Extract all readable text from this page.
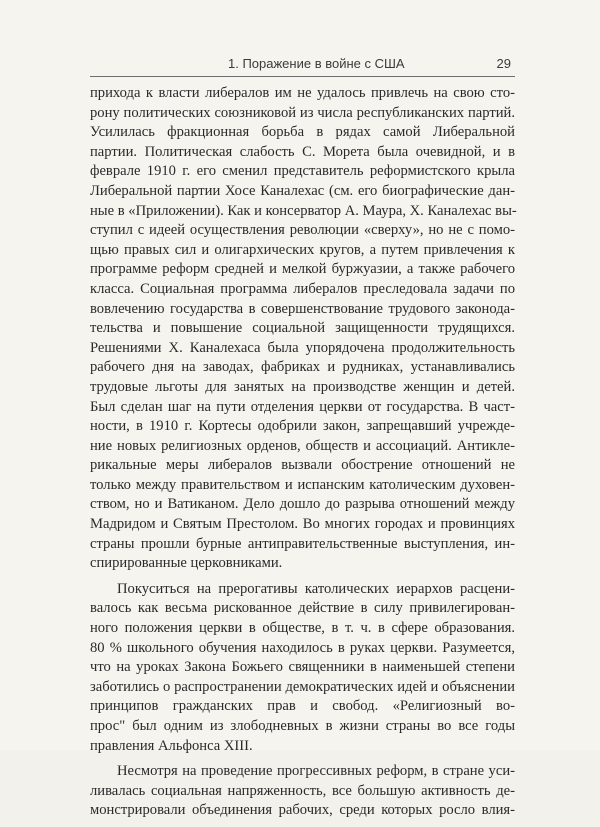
1. Поражение в войне с США	29
прихода к власти либералов им не удалось привлечь на свою сто-
рону политических союзниковой из числа республиканских партий.
Усилилась фракционная борьба в рядах самой Либеральной
партии. Политическая слабость С. Морета была очевидной, и в
феврале 1910 г. его сменил представитель реформистского крыла
Либеральной партии Хосе Каналехас (см. его биографические дан-
ные в «Приложении). Как и консерватор А. Маура, Х. Каналехас вы-
ступил с идеей осуществления революции «сверху», но не с помо-
щью правых сил и олигархических кругов, а путем привлечения к
программе реформ средней и мелкой буржуазии, а также рабочего
класса. Социальная программа либералов преследовала задачи по
вовлечению государства в совершенствование трудового законода-
тельства и повышение социальной защищенности трудящихся.
Решениями Х. Каналехаса была упорядочена продолжительность
рабочего дня на заводах, фабриках и рудниках, устанавливались
трудовые льготы для занятых на производстве женщин и детей.
Был сделан шаг на пути отделения церкви от государства. В част-
ности, в 1910 г. Кортесы одобрили закон, запрещавший учрежде-
ние новых религиозных орденов, обществ и ассоциаций. Антикле-
рикальные меры либералов вызвали обострение отношений не
только между правительством и испанским католическим духовен-
ством, но и Ватиканом. Дело дошло до разрыва отношений между
Мадридом и Святым Престолом. Во многих городах и провинциях
страны прошли бурные антиправительственные выступления, ин-
спирированные церковниками.
Покуситься на прерогативы католических иерархов расцени-
валось как весьма рискованное действие в силу привилегирован-
ного положения церкви в обществе, в т. ч. в сфере образования.
80 % школьного обучения находилось в руках церкви. Разумеется,
что на уроках Закона Божьего священники в наименьшей степени
заботились о распространении демократических идей и объяснении
принципов гражданских прав и свобод. «Религиозный во-
прос" был одним из злободневных в жизни страны во все годы
правления Альфонса XIII.
Несмотря на проведение прогрессивных реформ, в стране уси-
ливалась социальная напряженность, все большую активность де-
монстрировали объединения рабочих, среди которых росло влия-
